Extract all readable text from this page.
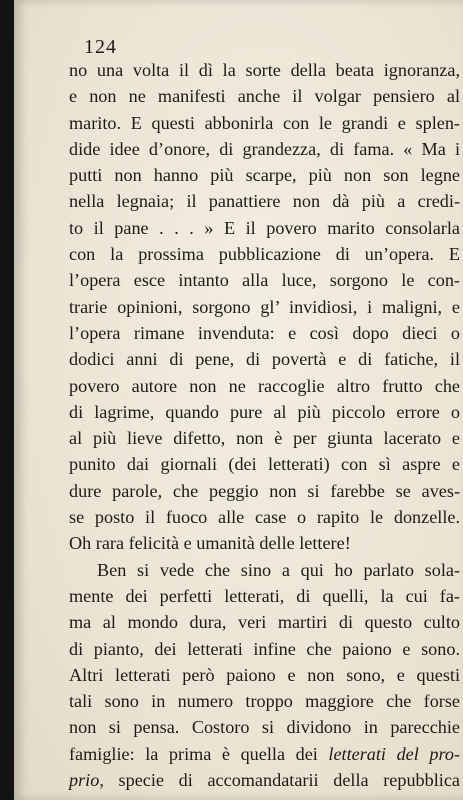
124
no una volta il dì la sorte della beata ignoranza,
e non ne manifesti anche il volgar pensiero al
marito. E questi abbonirla con le grandi e splen-
dide idee d’onore, di grandezza, di fama. « Ma i
putti non hanno più scarpe, più non son legne
nella legnaia; il panattiere non dà più a credi-
to il pane . . . » E il povero marito consolarla
con la prossima pubblicazione di un’opera. E
l’opera esce intanto alla luce, sorgono le con-
trarie opinioni, sorgono gl’ invidiosi, i maligni, e
l’opera rimane invenduta: e così dopo dieci o
dodici anni di pene, di povertà e di fatiche, il
povero autore non ne raccoglie altro frutto che
di lagrime, quando pure al più piccolo errore o
al più lieve difetto, non è per giunta lacerato e
punito dai giornali (dei letterati) con sì aspre e
dure parole, che peggio non si farebbe se aves-
se posto il fuoco alle case o rapito le donzelle.
Oh rara felicità e umanità delle lettere!
Ben si vede che sino a qui ho parlato sola-
mente dei perfetti letterati, di quelli, la cui fa-
ma al mondo dura, veri martiri di questo culto
di pianto, dei letterati infine che paiono e sono.
Altri letterati però paiono e non sono, e questi
tali sono in numero troppo maggiore che forse
non si pensa. Costoro si dividono in parecchie
famiglie: la prima è quella dei letterati del pro-
prio, specie di accomandatarii della repubblica
